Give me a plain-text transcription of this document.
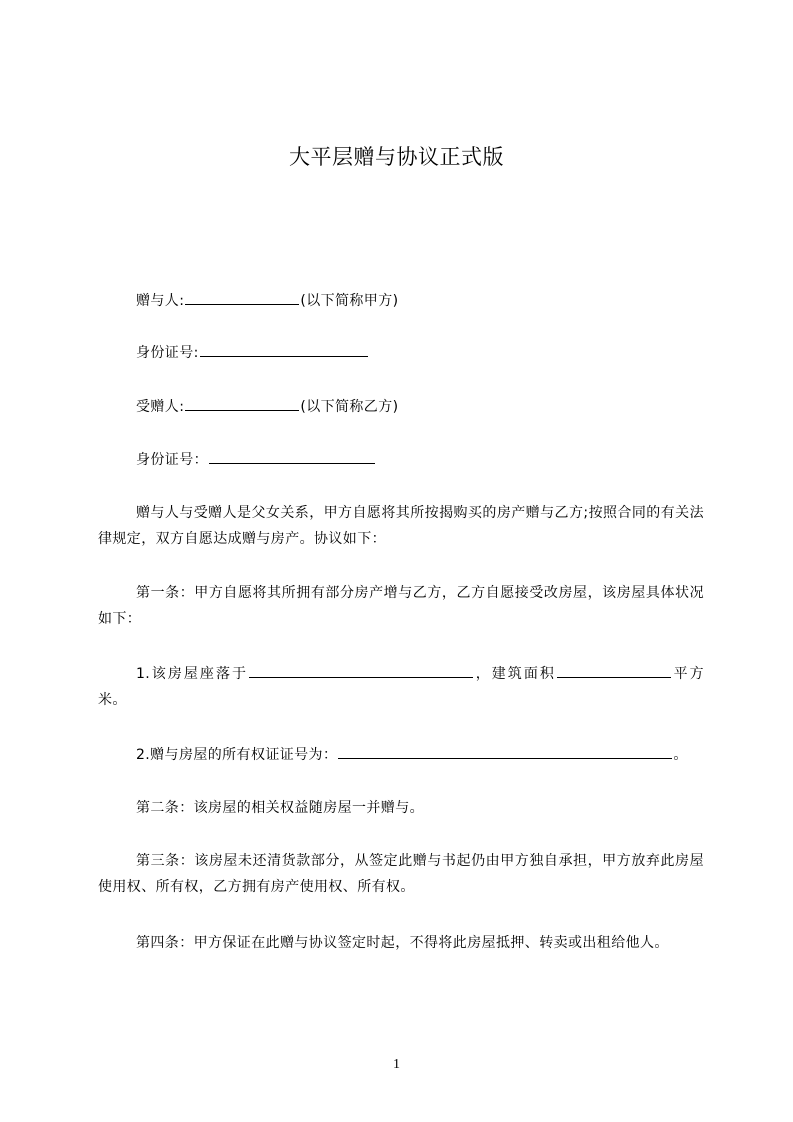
大平层赠与协议正式版
赠与人:	(以下简称甲方)
身份证号:
受赠人:	(以下简称乙方)
身份证号：
赠与人与受赠人是父女关系，甲方自愿将其所按揭购买的房产赠与乙方;按照合同的有关法律规定，双方自愿达成赠与房产。协议如下：
第一条：甲方自愿将其所拥有部分房产增与乙方，乙方自愿接受改房屋，该房屋具体状况如下：
1.该房屋座落于	，建筑面积	平方米。
2.赠与房屋的所有权证证号为：	。
第二条：该房屋的相关权益随房屋一并赠与。
第三条：该房屋未还清货款部分，从签定此赠与书起仍由甲方独自承担，甲方放弃此房屋使用权、所有权，乙方拥有房产使用权、所有权。
第四条：甲方保证在此赠与协议签定时起，不得将此房屋抵押、转卖或出租给他人。
1
